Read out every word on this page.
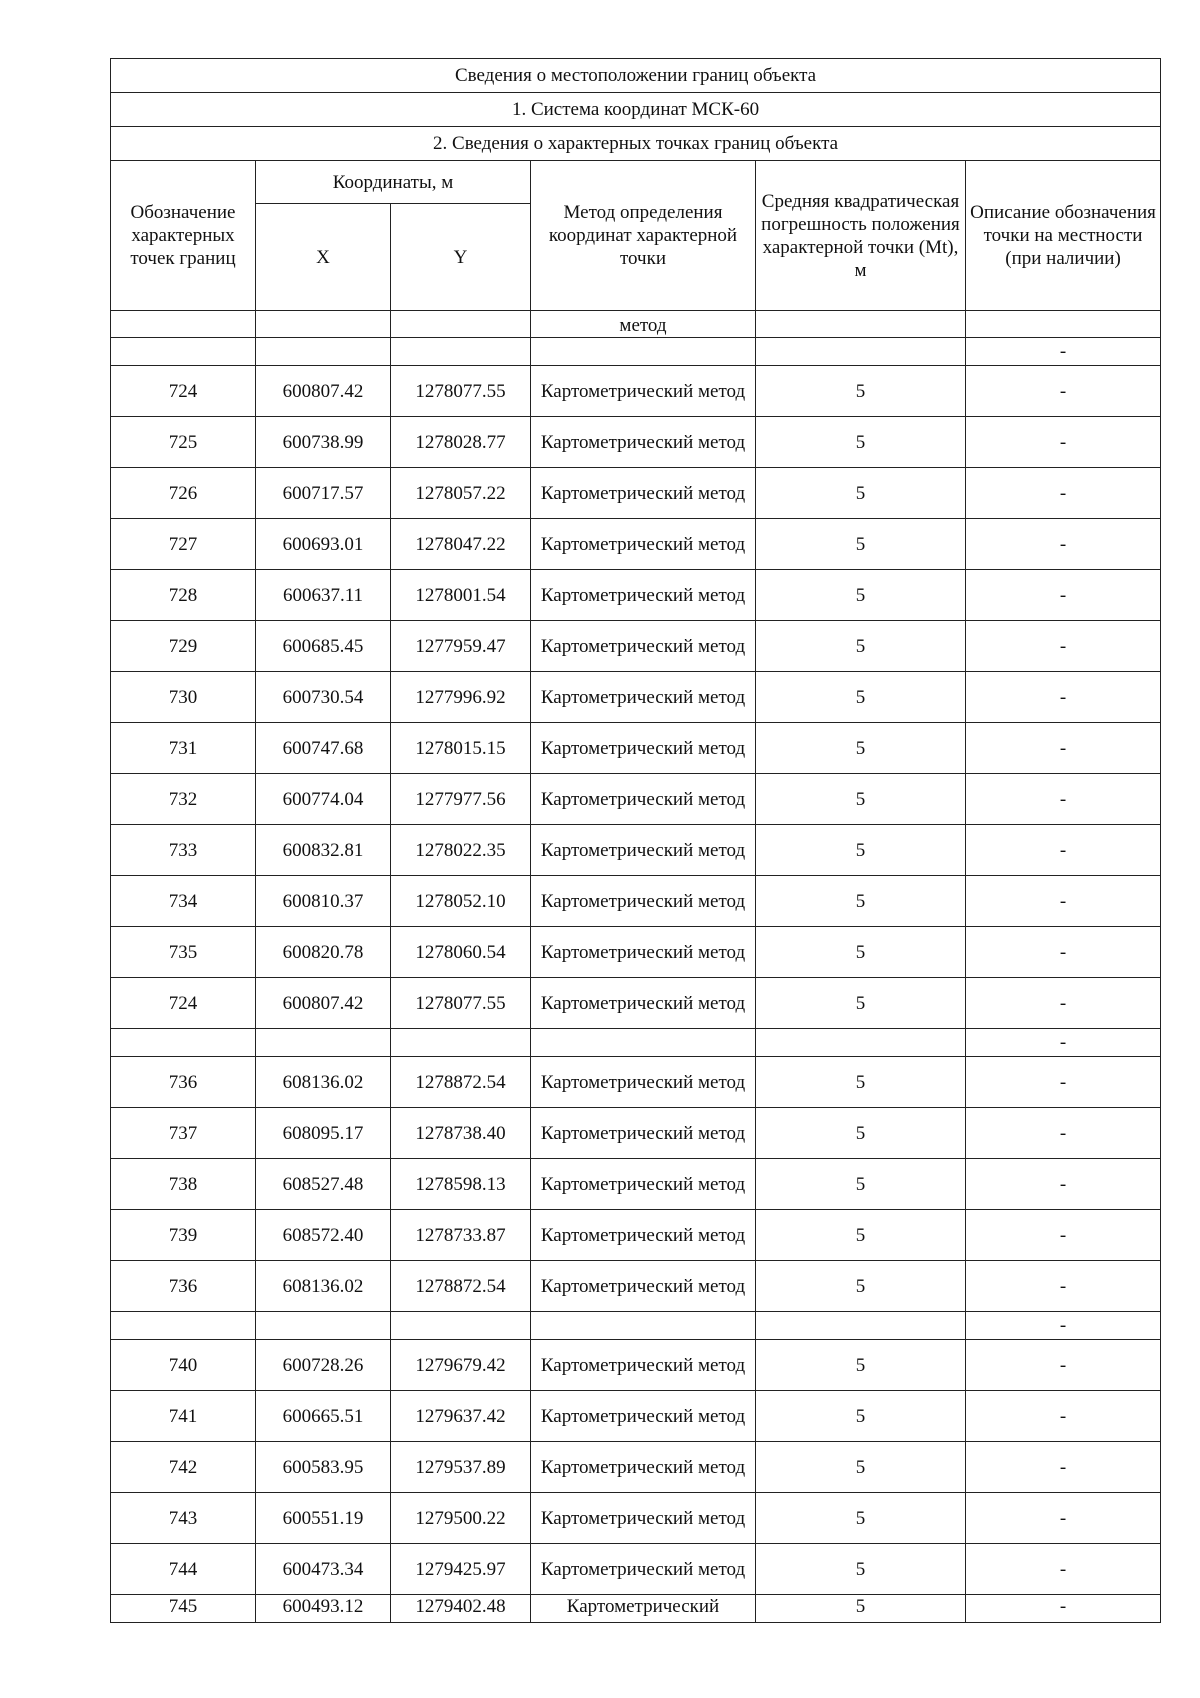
Сведения о местоположении границ объекта					
1. Система координат МСК-60					
2. Сведения о характерных точках границ объекта					
Обозначение характерных точек границ	Координаты, м		Метод определения координат характерной точки	Средняя квадратическая погрешность положения характерной точки (Mt), м	Описание обозначения точки на местности (при наличии)
	X	Y			
			метод		
					-
724	600807.42	1278077.55	Картометрический метод	5	-
725	600738.99	1278028.77	Картометрический метод	5	-
726	600717.57	1278057.22	Картометрический метод	5	-
727	600693.01	1278047.22	Картометрический метод	5	-
728	600637.11	1278001.54	Картометрический метод	5	-
729	600685.45	1277959.47	Картометрический метод	5	-
730	600730.54	1277996.92	Картометрический метод	5	-
731	600747.68	1278015.15	Картометрический метод	5	-
732	600774.04	1277977.56	Картометрический метод	5	-
733	600832.81	1278022.35	Картометрический метод	5	-
734	600810.37	1278052.10	Картометрический метод	5	-
735	600820.78	1278060.54	Картометрический метод	5	-
724	600807.42	1278077.55	Картометрический метод	5	-
					-
736	608136.02	1278872.54	Картометрический метод	5	-
737	608095.17	1278738.40	Картометрический метод	5	-
738	608527.48	1278598.13	Картометрический метод	5	-
739	608572.40	1278733.87	Картометрический метод	5	-
736	608136.02	1278872.54	Картометрический метод	5	-
					-
740	600728.26	1279679.42	Картометрический метод	5	-
741	600665.51	1279637.42	Картометрический метод	5	-
742	600583.95	1279537.89	Картометрический метод	5	-
743	600551.19	1279500.22	Картометрический метод	5	-
744	600473.34	1279425.97	Картометрический метод	5	-
745	600493.12	1279402.48	Картометрический	5	-
